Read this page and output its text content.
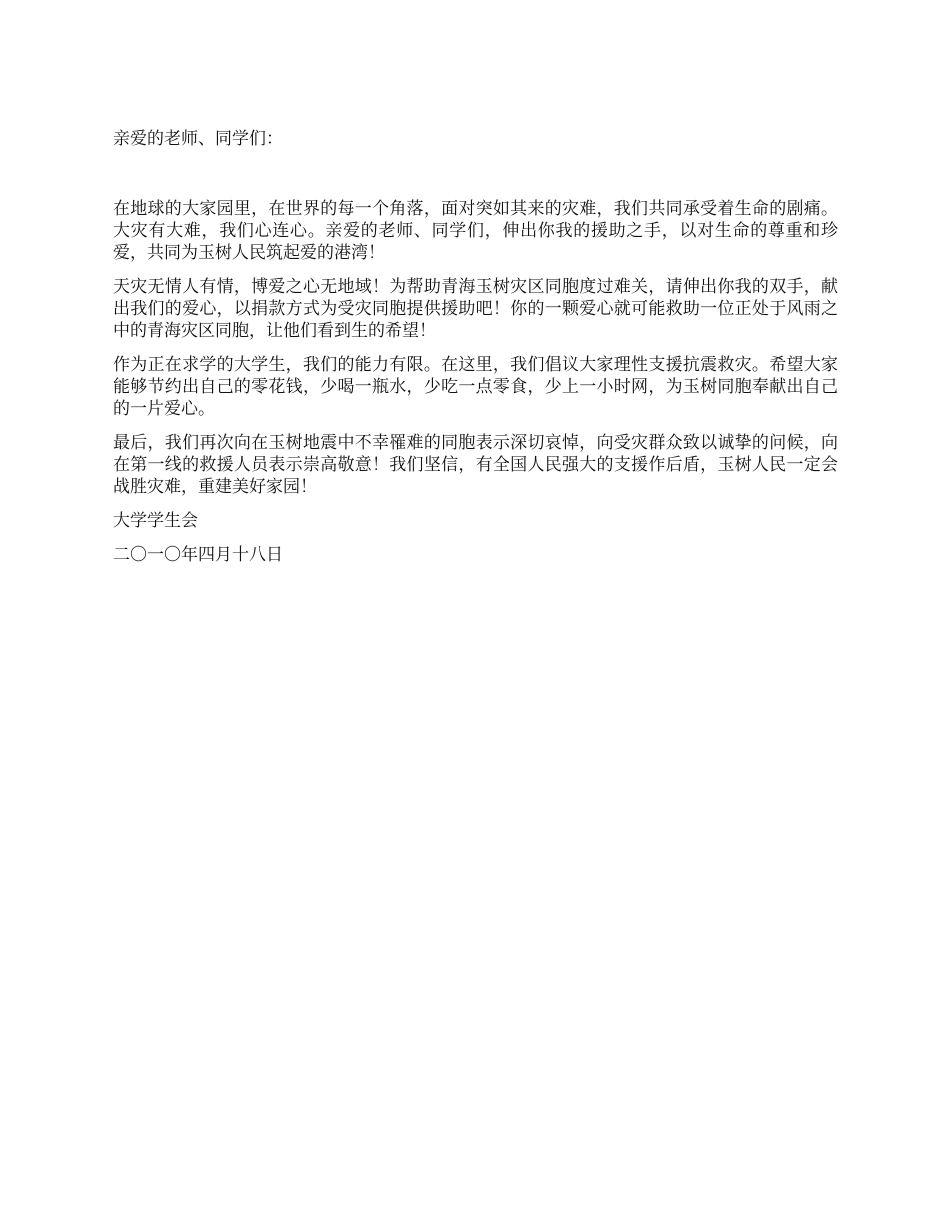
亲爱的老师、同学们：

在地球的大家园里，在世界的每一个角落，面对突如其来的灾难，我们共同承受着生命的剧痛。大灾有大难，我们心连心。亲爱的老师、同学们，伸出你我的援助之手，以对生命的尊重和珍爱，共同为玉树人民筑起爱的港湾！

天灾无情人有情，博爱之心无地域！为帮助青海玉树灾区同胞度过难关，请伸出你我的双手，献出我们的爱心，以捐款方式为受灾同胞提供援助吧！你的一颗爱心就可能救助一位正处于风雨之中的青海灾区同胞，让他们看到生的希望！

作为正在求学的大学生，我们的能力有限。在这里，我们倡议大家理性支援抗震救灾。希望大家能够节约出自己的零花钱，少喝一瓶水，少吃一点零食，少上一小时网，为玉树同胞奉献出自己的一片爱心。

最后，我们再次向在玉树地震中不幸罹难的同胞表示深切哀悼，向受灾群众致以诚挚的问候，向在第一线的救援人员表示崇高敬意！我们坚信，有全国人民强大的支援作后盾，玉树人民一定会战胜灾难，重建美好家园！

大学学生会

二〇一〇年四月十八日
